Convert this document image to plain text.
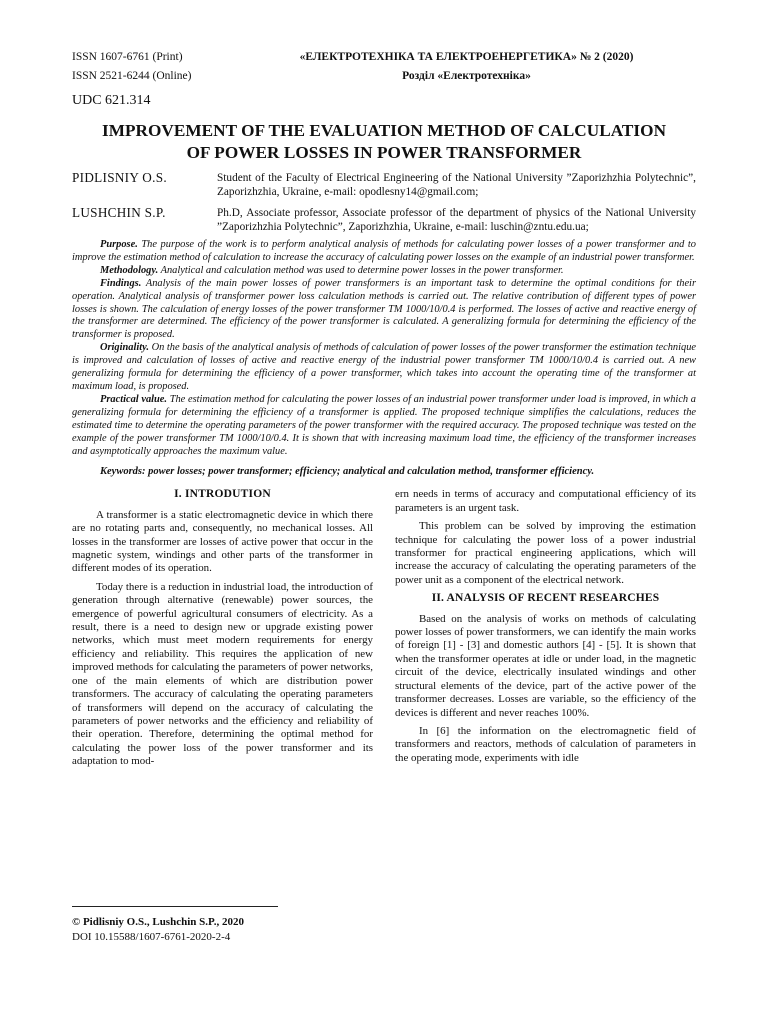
ISSN 1607-6761 (Print)	«ЕЛЕКТРОТЕХНІКА ТА ЕЛЕКТРОЕНЕРГЕТИКА» № 2 (2020)
ISSN 2521-6244 (Online)	Розділ «Електротехніка»
UDC 621.314
IMPROVEMENT OF THE EVALUATION METHOD OF CALCULATION
OF POWER LOSSES IN POWER TRANSFORMER
PIDLISNIY O.S.	Student of the Faculty of Electrical Engineering of the National University ”Zaporizhzhia Polytechnic”, Zaporizhzhia, Ukraine, e-mail: opodlesny14@gmail.com;
LUSHCHIN S.P.	Ph.D, Associate professor, Associate professor of the department of physics of the National University ”Zaporizhzhia Polytechnic”, Zaporizhzhia, Ukraine, e-mail: luschin@zntu.edu.ua;

Purpose. The purpose of the work is to perform analytical analysis of methods for calculating power losses of a power transformer and to improve the estimation method of calculation to increase the accuracy of calculating power losses on the example of an industrial power transformer.

Methodology. Analytical and calculation method was used to determine power losses in the power transformer.

Findings. Analysis of the main power losses of power transformers is an important task to determine the optimal conditions for their operation. Analytical analysis of transformer power loss calculation methods is carried out. The relative contribution of different types of power losses is shown. The calculation of energy losses of the power transformer TM 1000/10/0.4 is performed. The losses of active and reactive energy of the transformer are determined. The efficiency of the power transformer is calculated. A generalizing formula for determining the efficiency of the transformer is proposed.

Originality. On the basis of the analytical analysis of methods of calculation of power losses of the power transformer the estimation technique is improved and calculation of losses of active and reactive energy of the industrial power transformer TM 1000/10/0.4 is carried out. A new generalizing formula for determining the efficiency of a power transformer, which takes into account the operating time of the transformer at maximum load, is proposed.

Practical value. The estimation method for calculating the power losses of an industrial power transformer under load is improved, in which a generalizing formula for determining the efficiency of a transformer is applied. The proposed technique simplifies the calculations, reduces the estimated time to determine the operating parameters of the power transformer with the required accuracy. The proposed technique was tested on the example of the power transformer TM 1000/10/0.4. It is shown that with increasing maximum load time, the efficiency of the transformer increases and asymptotically approaches the maximum value.

Keywords: power losses; power transformer; efficiency; analytical and calculation method, transformer efficiency.
I. INTRODUTION

A transformer is a static electromagnetic device in which there are no rotating parts and, consequently, no mechanical losses. All losses in the transformer are losses of active power that occur in the magnetic system, windings and other parts of the transformer in different modes of its operation.

Today there is a reduction in industrial load, the introduction of generation through alternative (renewable) power sources, the emergence of powerful agricultural consumers of electricity. As a result, there is a need to design new or upgrade existing power networks, which must meet modern requirements for energy efficiency and reliability. This requires the application of new improved methods for calculating the parameters of power networks, one of the main elements of which are distribution power transformers. The accuracy of calculating the operating parameters of transformers will depend on the accuracy of calculating the parameters of power networks and the efficiency and reliability of their operation. Therefore, determining the optimal method for calculating the power loss of the power transformer and its adaptation to mod-

ern needs in terms of accuracy and computational efficiency of its parameters is an urgent task.

This problem can be solved by improving the estimation technique for calculating the power loss of a power industrial transformer for practical engineering applications, which will increase the accuracy of calculating the operating parameters of the power unit as a component of the electrical network.

II. ANALYSIS OF RECENT RESEARCHES

Based on the analysis of works on methods of calculating power losses of power transformers, we can identify the main works of foreign [1] - [3] and domestic authors [4] - [5]. It is shown that when the transformer operates at idle or under load, in the magnetic circuit of the device, electrically insulated windings and other structural elements of the device, part of the active power of the transformer decreases. Losses are variable, so the efficiency of the devices is different and never reaches 100%.

In [6] the information on the electromagnetic field of transformers and reactors, methods of calculation of parameters in the operating mode, experiments with idle

© Pidlisniy O.S., Lushchin S.P., 2020
DOI 10.15588/1607-6761-2020-2-4
